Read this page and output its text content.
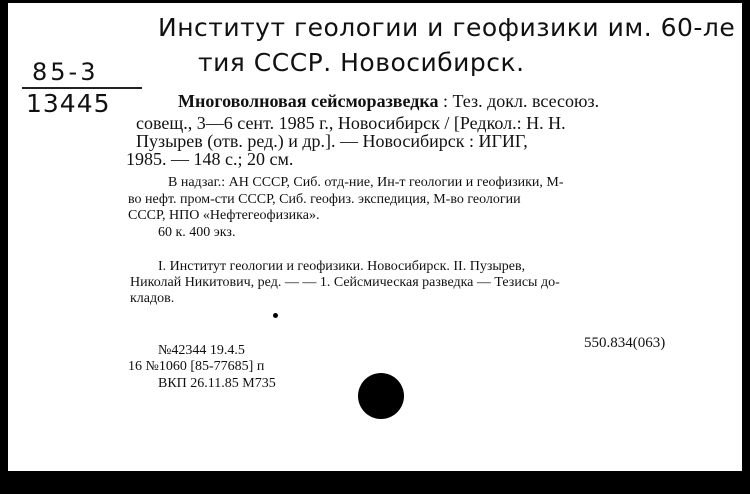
Институт геологии и геофизики им. 60-ле
тия СССР. Новосибирск.
85-3
13445	Многоволновая сейсморазведка : Тез. докл. всесоюз.
совещ., 3—6 сент. 1985 г., Новосибирск / [Редкол.: Н. Н.
Пузырев (отв. ред.) и др.]. — Новосибирск : ИГИГ,
1985. — 148 с.; 20 см.
В надзаг.: АН СССР, Сиб. отд-ние, Ин-т геологии и геофизики, М-
во нефт. пром-сти СССР, Сиб. геофиз. экспедиция, М-во геологии
СССР, НПО «Нефтегеофизика».
60 к. 400 экз.
I. Институт геологии и геофизики. Новосибирск. II. Пузырев,
Николай Никитович, ред. — — 1. Сейсмическая разведка — Тезисы до-
кладов.
№42344 19.4.5
16 №1060 [85-77685] п
ВКП 26.11.85 М735
550.834(063)
